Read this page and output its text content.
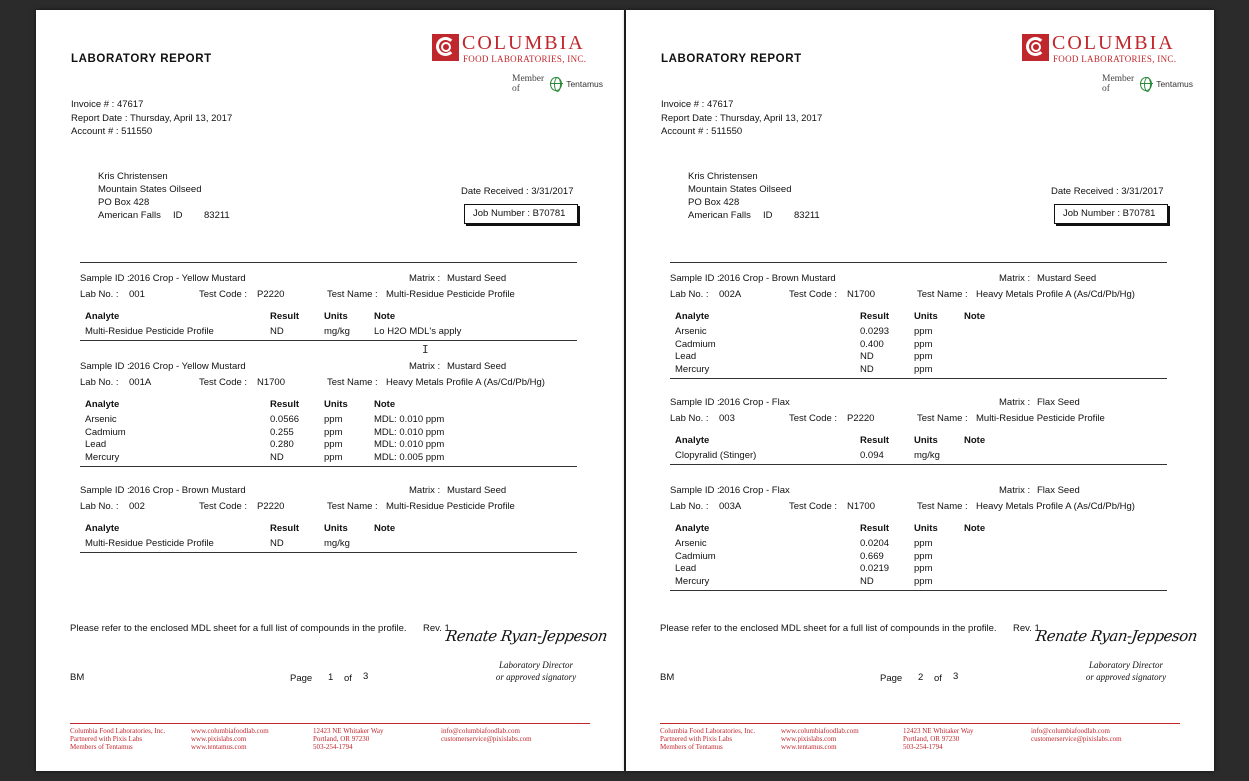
LABORATORY REPORT
COLUMBIA
FOOD LABORATORIES, INC.
Member of	Tentamus
Invoice # : 47617
Report Date : Thursday, April 13, 2017
Account # : 511550
Kris Christensen
Mountain States Oilseed
PO Box 428
American Falls ID 83211
Date Received : 3/31/2017
Job Number : B70781
Sample ID : 2016 Crop - Yellow Mustard	Matrix : Mustard Seed
Lab No. : 001	Test Code : P2220	Test Name : Multi-Residue Pesticide Profile
Analyte	Result	Units	Note
Multi-Residue Pesticide Profile	ND	mg/kg	Lo H2O MDL's apply
Sample ID : 2016 Crop - Yellow Mustard	Matrix : Mustard Seed
Lab No. : 001A	Test Code : N1700	Test Name : Heavy Metals Profile A (As/Cd/Pb/Hg)
Analyte	Result	Units	Note
Arsenic	0.0566	ppm	MDL: 0.010 ppm
Cadmium	0.255	ppm	MDL: 0.010 ppm
Lead	0.280	ppm	MDL: 0.010 ppm
Mercury	ND	ppm	MDL: 0.005 ppm
Sample ID : 2016 Crop - Brown Mustard	Matrix : Mustard Seed
Lab No. : 002	Test Code : P2220	Test Name : Multi-Residue Pesticide Profile
Analyte	Result	Units	Note
Multi-Residue Pesticide Profile	ND	mg/kg
Please refer to the enclosed MDL sheet for a full list of compounds in the profile. Rev. 1
BM	Page 1 of 3
Renate Ryan-Jeppeson
Laboratory Director
or approved signatory
Columbia Food Laboratories, Inc.
Partnered with Pixis Labs
Members of Tentamus
www.columbiafoodlab.com
www.pixislabs.com
www.tentamus.com
12423 NE Whitaker Way
Portland, OR 97230
503-254-1794
info@columbiafoodlab.com
customerservice@pixislabs.com
I
LABORATORY REPORT
COLUMBIA
FOOD LABORATORIES, INC.
Member of	Tentamus
Invoice # : 47617
Report Date : Thursday, April 13, 2017
Account # : 511550
Kris Christensen
Mountain States Oilseed
PO Box 428
American Falls ID 83211
Date Received : 3/31/2017
Job Number : B70781
Sample ID : 2016 Crop - Brown Mustard	Matrix : Mustard Seed
Lab No. : 002A	Test Code : N1700	Test Name : Heavy Metals Profile A (As/Cd/Pb/Hg)
Analyte	Result	Units	Note
Arsenic	0.0293	ppm
Cadmium	0.400	ppm
Lead	ND	ppm
Mercury	ND	ppm
Sample ID : 2016 Crop - Flax	Matrix : Flax Seed
Lab No. : 003	Test Code : P2220	Test Name : Multi-Residue Pesticide Profile
Analyte	Result	Units	Note
Clopyralid (Stinger)	0.094	mg/kg
Sample ID : 2016 Crop - Flax	Matrix : Flax Seed
Lab No. : 003A	Test Code : N1700	Test Name : Heavy Metals Profile A (As/Cd/Pb/Hg)
Analyte	Result	Units	Note
Arsenic	0.0204	ppm
Cadmium	0.669	ppm
Lead	0.0219	ppm
Mercury	ND	ppm
Please refer to the enclosed MDL sheet for a full list of compounds in the profile. Rev. 1
BM	Page 2 of 3
Renate Ryan-Jeppeson
Laboratory Director
or approved signatory
Columbia Food Laboratories, Inc.
Partnered with Pixis Labs
Members of Tentamus
www.columbiafoodlab.com
www.pixislabs.com
www.tentamus.com
12423 NE Whitaker Way
Portland, OR 97230
503-254-1794
info@columbiafoodlab.com
customerservice@pixislabs.com
